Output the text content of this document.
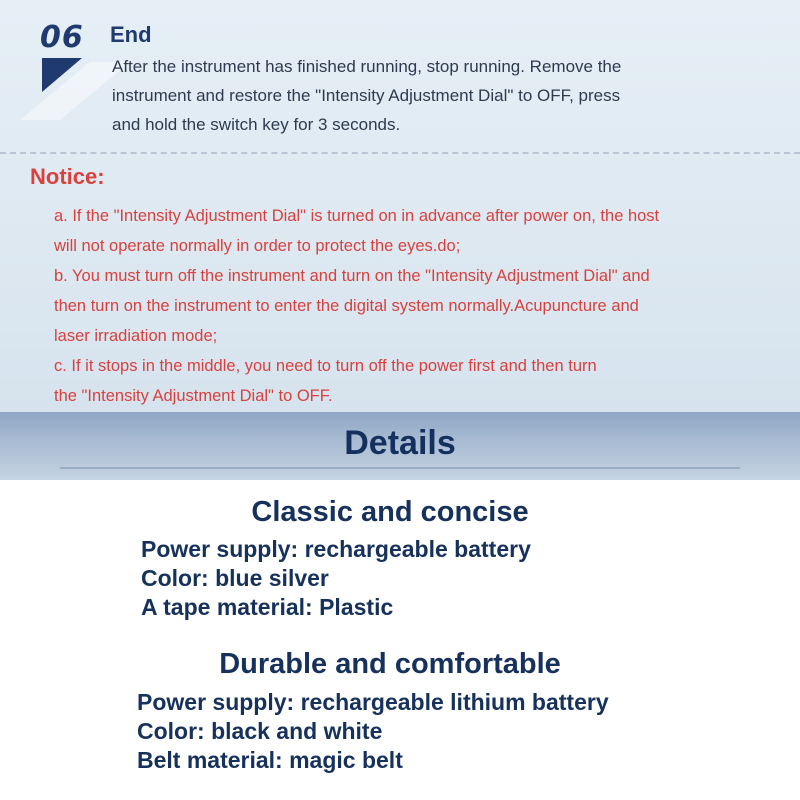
06 End
After the instrument has finished running, stop running. Remove the
instrument and restore the "Intensity Adjustment Dial" to OFF, press
and hold the switch key for 3 seconds.
Notice:

a. If the "Intensity Adjustment Dial" is turned on in advance after power on, the host

will not operate normally in order to protect the eyes.do;

b. You must turn off the instrument and turn on the "Intensity Adjustment Dial" and

then turn on the instrument to enter the digital system normally.Acupuncture and

laser irradiation mode;

c. If it stops in the middle, you need to turn off the power first and then turn

the "Intensity Adjustment Dial" to OFF.

Details
Classic and concise
Power supply: rechargeable battery
Color: blue silver
A tape material: Plastic
Durable and comfortable
Power supply: rechargeable lithium battery
Color: black and white
Belt material: magic belt
